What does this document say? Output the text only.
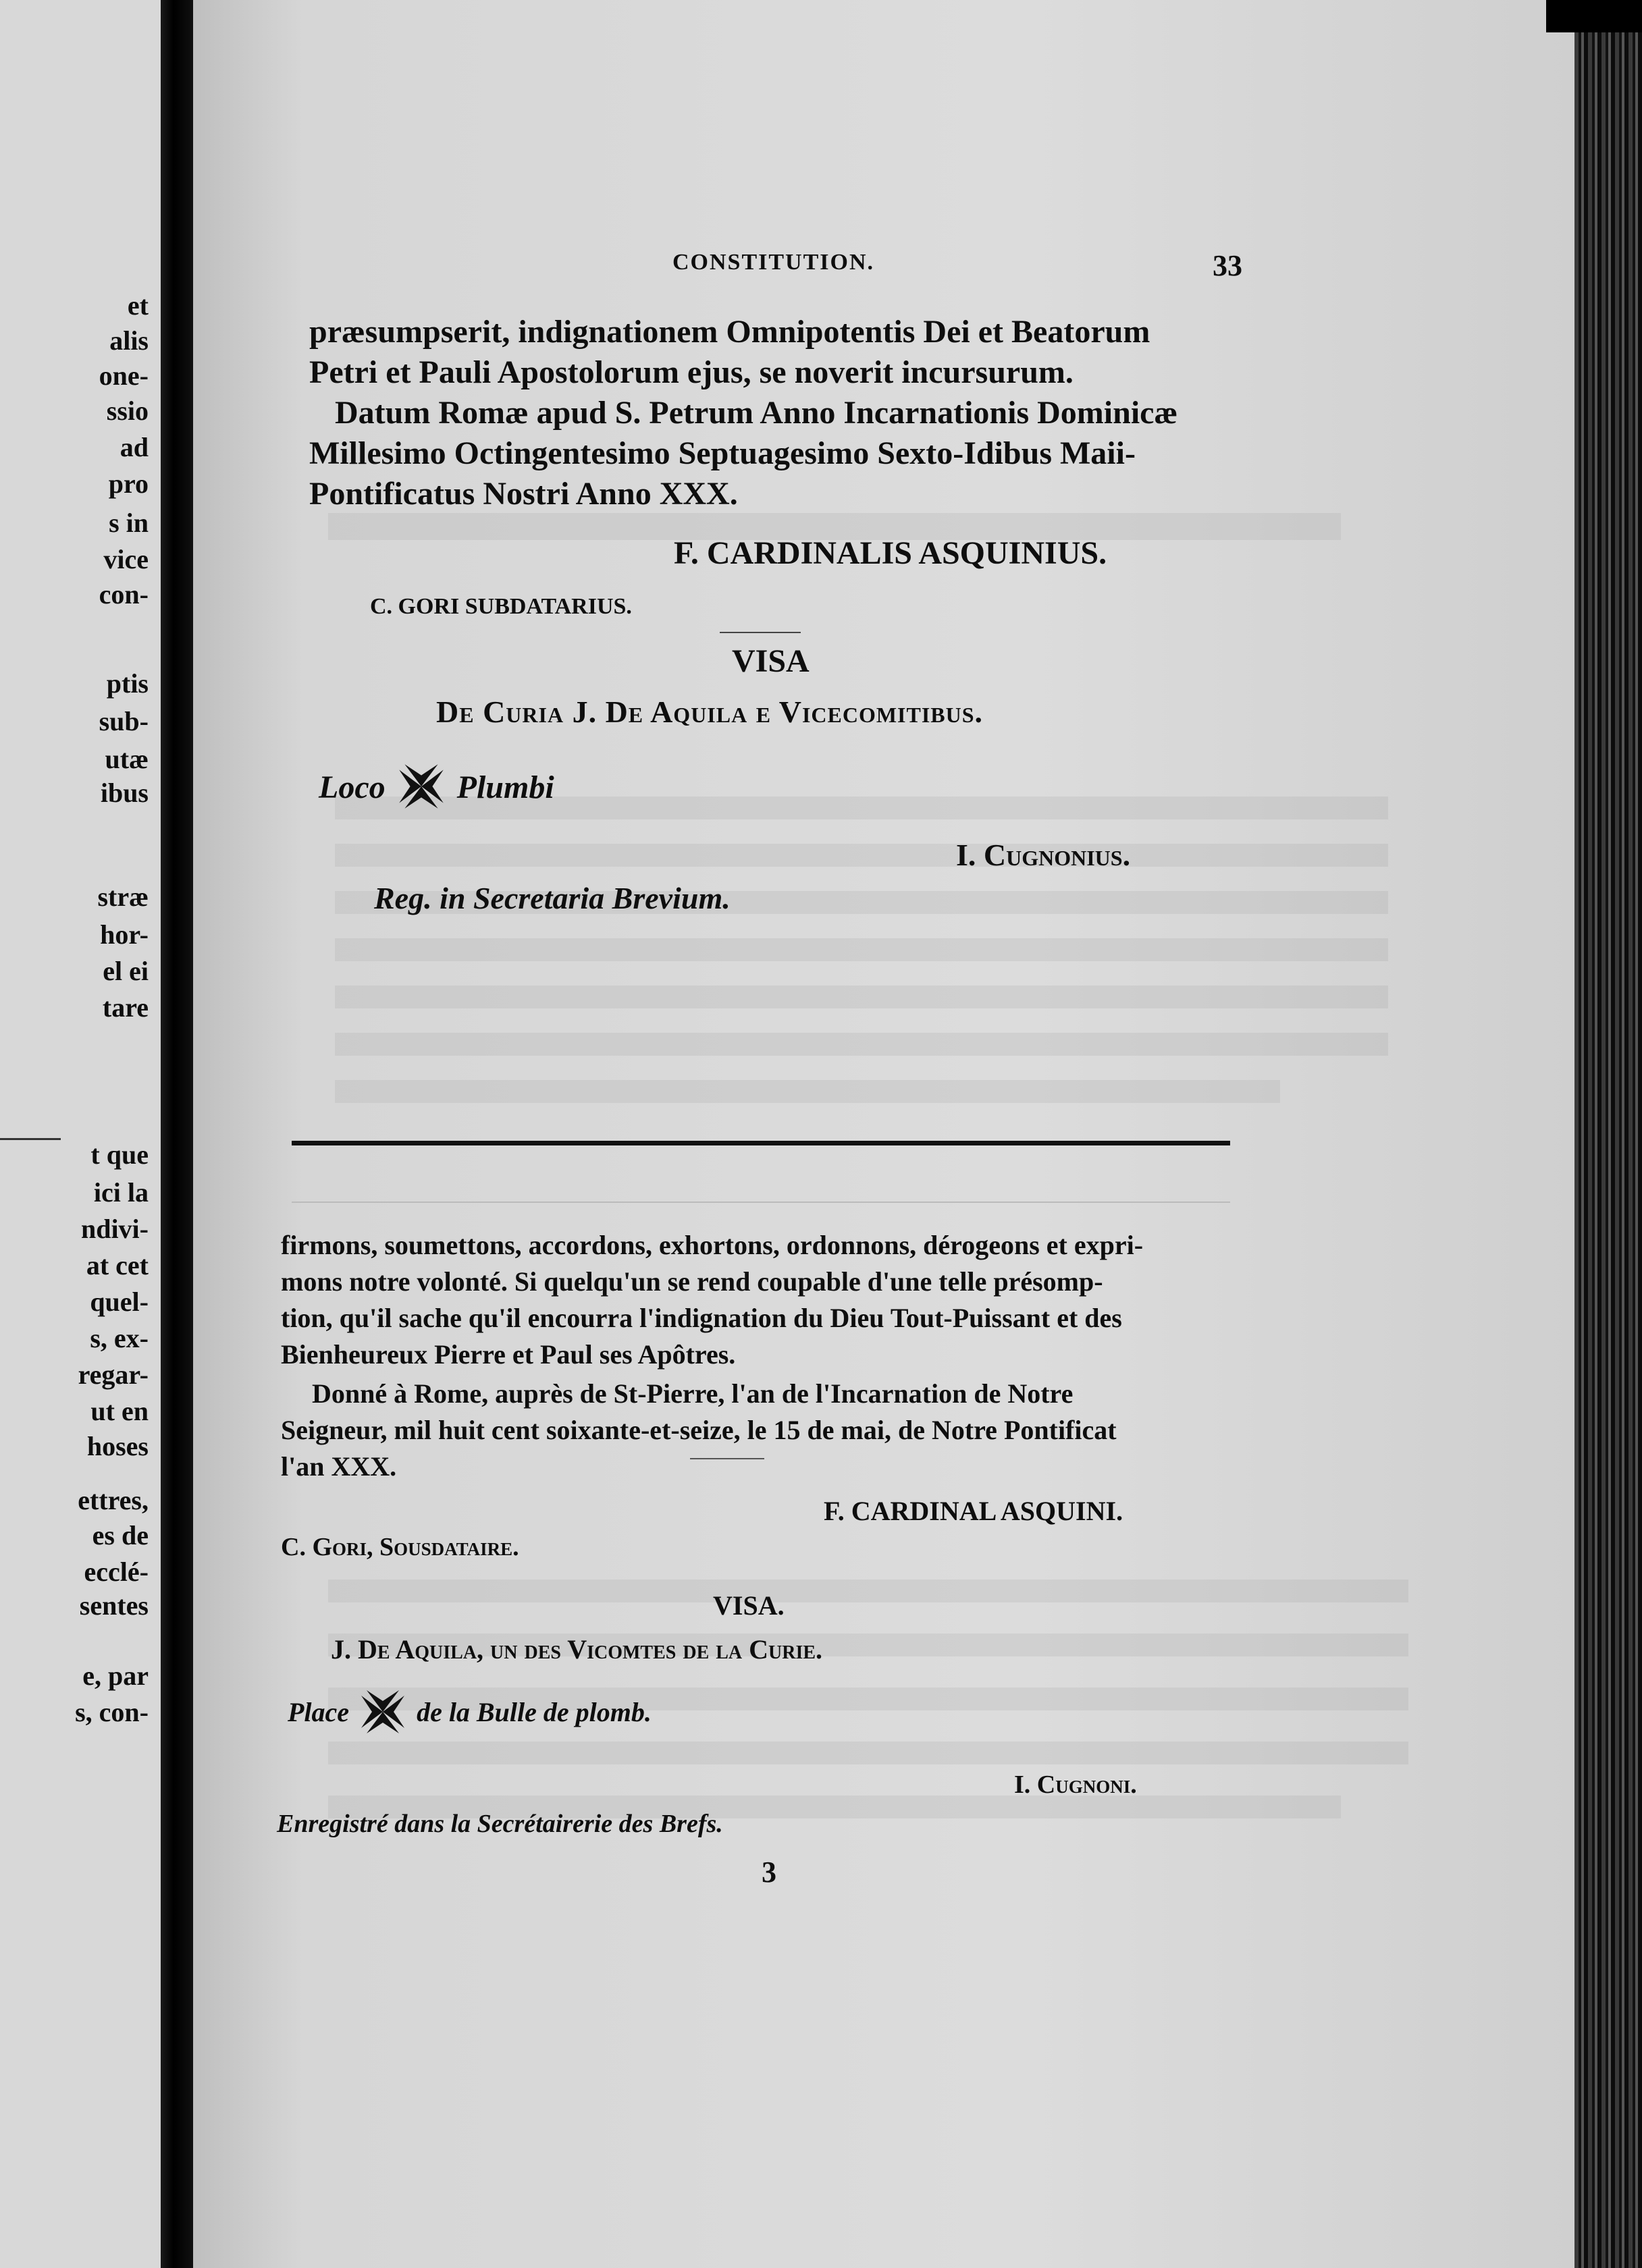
et
alis
one-
ssio
ad
pro
s in
vice
con-
ptis
sub-
utæ
ibus
stræ
hor-
el ei
tare
t que
ici la
ndivi-
at cet
quel-
s, ex-
regar-
ut en
hoses
ettres,
es de
ecclé-
sentes
e, par
s, con-
CONSTITUTION.	33
præsumpserit, indignationem Omnipotentis Dei et Beatorum
Petri et Pauli Apostolorum ejus, se noverit incursurum.
Datum Romæ apud S. Petrum Anno Incarnationis Dominicæ
Millesimo Octingentesimo Septuagesimo Sexto-Idibus Maii-
Pontificatus Nostri Anno XXX.
F. CARDINALIS ASQUINIUS.
C. GORI SUBDATARIUS.
VISA
De Curia J. De Aquila e Vicecomitibus.
Loco Plumbi
I. Cugnonius.
Reg. in Secretaria Brevium.
firmons, soumettons, accordons, exhortons, ordonnons, dérogeons et expri-
mons notre volonté. Si quelqu'un se rend coupable d'une telle présomp-
tion, qu'il sache qu'il encourra l'indignation du Dieu Tout-Puissant et des
Bienheureux Pierre et Paul ses Apôtres.
Donné à Rome, auprès de St-Pierre, l'an de l'Incarnation de Notre
Seigneur, mil huit cent soixante-et-seize, le 15 de mai, de Notre Pontificat
l'an XXX.
F. CARDINAL ASQUINI.
C. Gori, Sousdataire.
VISA.
J. De Aquila, un des Vicomtes de la Curie.
Place	de la Bulle de plomb.
I. Cugnoni.
Enregistré dans la Secrétairerie des Brefs.
3
